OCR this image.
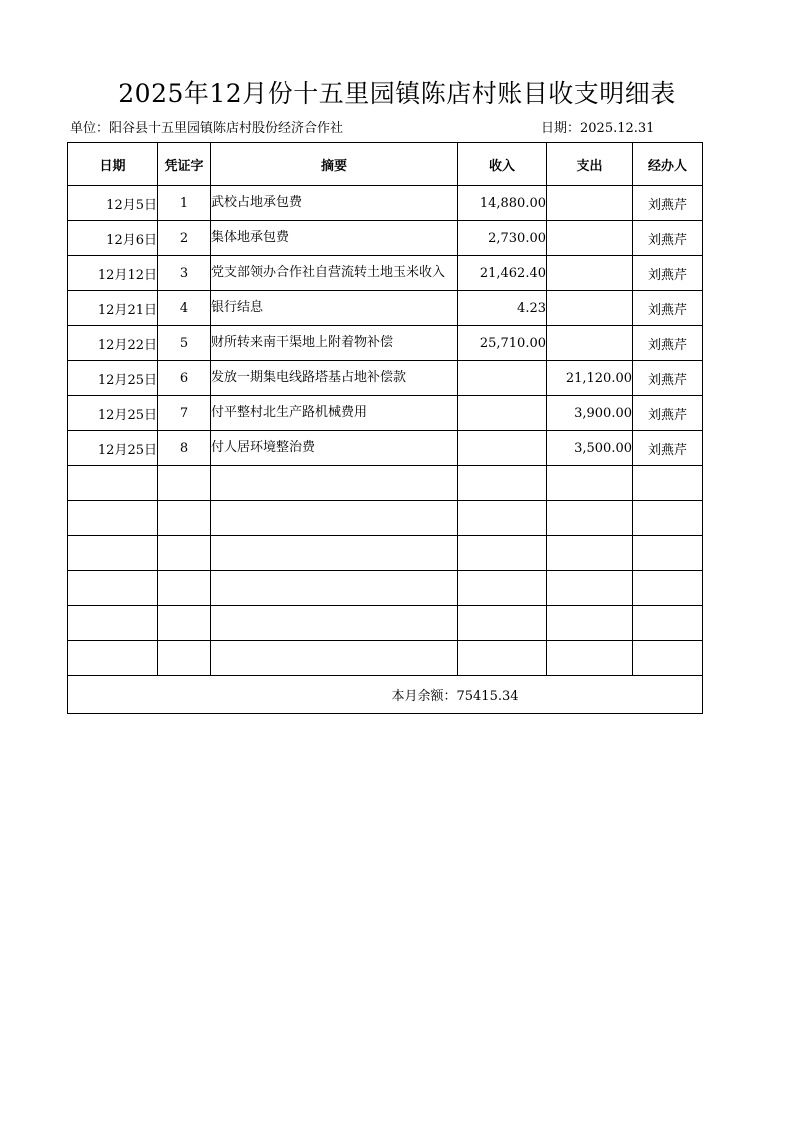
2025年12月份十五里园镇陈店村账目收支明细表
单位：阳谷县十五里园镇陈店村股份经济合作社	日期：2025.12.31
日期	凭证字	摘要	收入	支出	经办人
12月5日	1	武校占地承包费	14,880.00		刘燕芹
12月6日	2	集体地承包费	2,730.00		刘燕芹
12月12日	3	党支部领办合作社自营流转土地玉米收入	21,462.40		刘燕芹
12月21日	4	银行结息	4.23		刘燕芹
12月22日	5	财所转来南干渠地上附着物补偿	25,710.00		刘燕芹
12月25日	6	发放一期集电线路塔基占地补偿款		21,120.00	刘燕芹
12月25日	7	付平整村北生产路机械费用		3,900.00	刘燕芹
12月25日	8	付人居环境整治费		3,500.00	刘燕芹

本月余额：75415.34					
